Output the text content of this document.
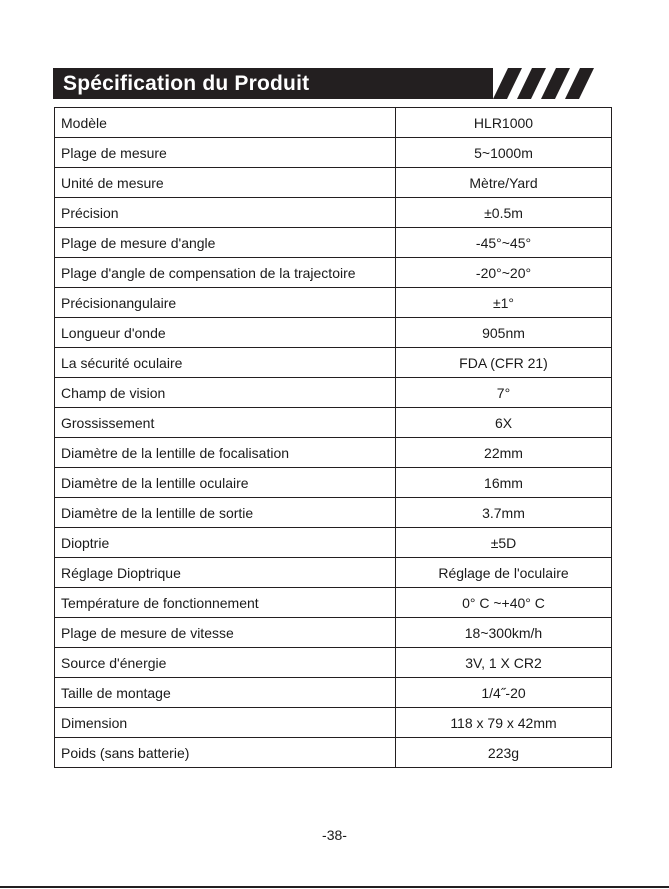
Spécification du Produit
Modèle	HLR1000
Plage de mesure	5~1000m
Unité de mesure	Mètre/Yard
Précision	±0.5m
Plage de mesure d'angle	-45°~45°
Plage d'angle de compensation de la trajectoire	-20°~20°
Précisionangulaire	±1°
Longueur d'onde	905nm
La sécurité oculaire	FDA (CFR 21)
Champ de vision	7°
Grossissement	6X
Diamètre de la lentille de focalisation	22mm
Diamètre de la lentille oculaire	16mm
Diamètre de la lentille de sortie	3.7mm
Dioptrie	±5D
Réglage Dioptrique	Réglage de l'oculaire
Température de fonctionnement	0° C ~+40° C
Plage de mesure de vitesse	18~300km/h
Source d'énergie	3V, 1 X CR2
Taille de montage	1/4˝-20
Dimension	118 x 79 x 42mm
Poids (sans batterie)	223g
-38-
